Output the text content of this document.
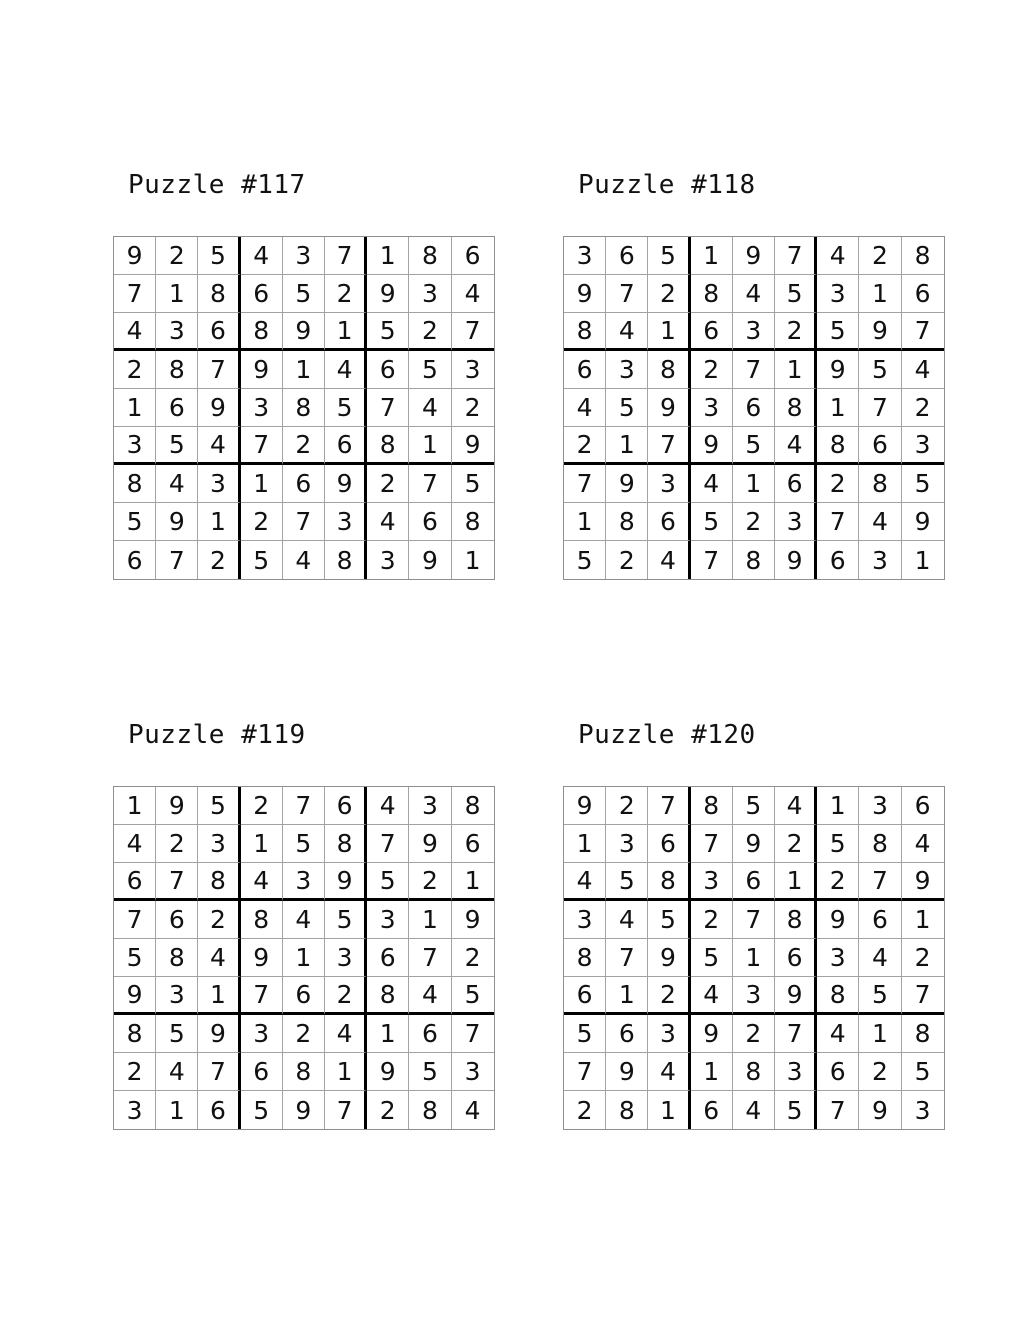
Puzzle #117
9	2	5	4	3	7	1	8	6
7	1	8	6	5	2	9	3	4
4	3	6	8	9	1	5	2	7
2	8	7	9	1	4	6	5	3
1	6	9	3	8	5	7	4	2
3	5	4	7	2	6	8	1	9
8	4	3	1	6	9	2	7	5
5	9	1	2	7	3	4	6	8
6	7	2	5	4	8	3	9	1
Puzzle #118
3	6	5	1	9	7	4	2	8
9	7	2	8	4	5	3	1	6
8	4	1	6	3	2	5	9	7
6	3	8	2	7	1	9	5	4
4	5	9	3	6	8	1	7	2
2	1	7	9	5	4	8	6	3
7	9	3	4	1	6	2	8	5
1	8	6	5	2	3	7	4	9
5	2	4	7	8	9	6	3	1
Puzzle #119
1	9	5	2	7	6	4	3	8
4	2	3	1	5	8	7	9	6
6	7	8	4	3	9	5	2	1
7	6	2	8	4	5	3	1	9
5	8	4	9	1	3	6	7	2
9	3	1	7	6	2	8	4	5
8	5	9	3	2	4	1	6	7
2	4	7	6	8	1	9	5	3
3	1	6	5	9	7	2	8	4
Puzzle #120
9	2	7	8	5	4	1	3	6
1	3	6	7	9	2	5	8	4
4	5	8	3	6	1	2	7	9
3	4	5	2	7	8	9	6	1
8	7	9	5	1	6	3	4	2
6	1	2	4	3	9	8	5	7
5	6	3	9	2	7	4	1	8
7	9	4	1	8	3	6	2	5
2	8	1	6	4	5	7	9	3
